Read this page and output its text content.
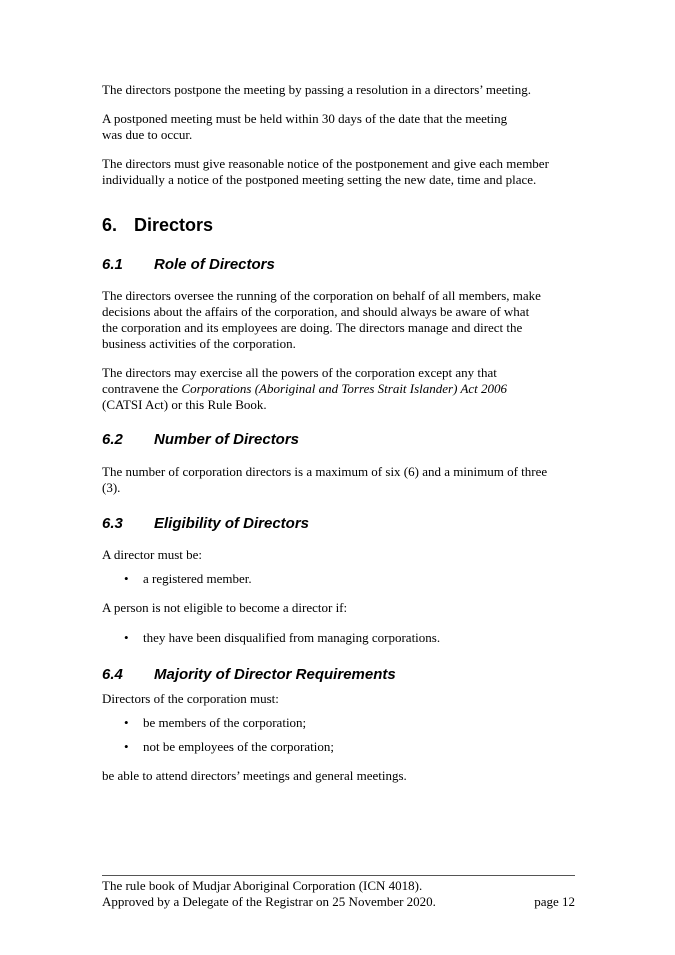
The directors postpone the meeting by passing a resolution in a directors’ meeting.

A postponed meeting must be held within 30 days of the date that the meeting

was due to occur.

The directors must give reasonable notice of the postponement and give each member

individually a notice of the postponed meeting setting the new date, time and place.

6. Directors
6.1 Role of Directors

The directors oversee the running of the corporation on behalf of all members, make

decisions about the affairs of the corporation, and should always be aware of what

the corporation and its employees are doing. The directors manage and direct the

business activities of the corporation.

The directors may exercise all the powers of the corporation except any that

contravene the Corporations (Aboriginal and Torres Strait Islander) Act 2006

(CATSI Act) or this Rule Book.

6.2 Number of Directors

The number of corporation directors is a maximum of six (6) and a minimum of three

(3).

6.3 Eligibility of Directors

A director must be:

• a registered member.

A person is not eligible to become a director if:

• they have been disqualified from managing corporations.

6.4 Majority of Director Requirements

Directors of the corporation must:

• be members of the corporation;

• not be employees of the corporation;

be able to attend directors’ meetings and general meetings.

The rule book of Mudjar Aboriginal Corporation (ICN 4018).

Approved by a Delegate of the Registrar on 25 November 2020.	page 12
